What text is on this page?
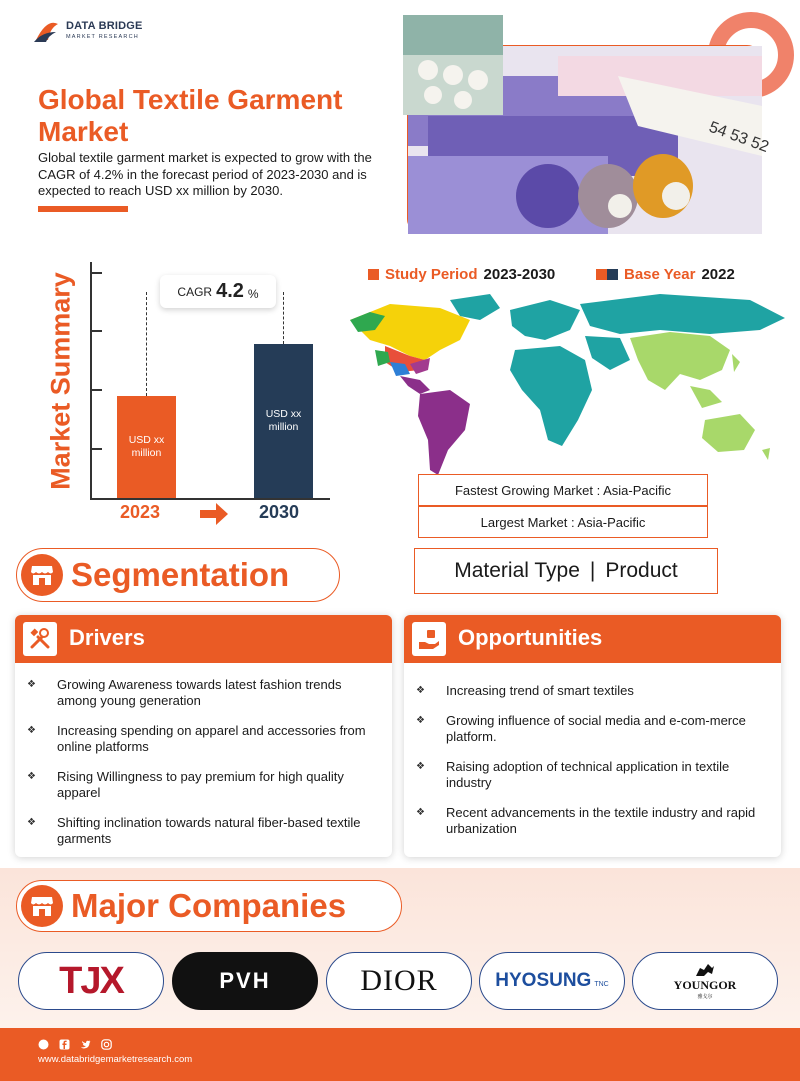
DATA BRIDGE
MARKET RESEARCH
Global Textile Garment Market
Global textile garment market is expected to grow with the CAGR of 4.2% in the forecast period of 2023-2030 and is expected to reach USD xx million by 2030.
54 53 52
Market Summary	USD xx million
USD xx million
CAGR 4.2 %
2023	2030
Study Period 2023-2030	Base Year 2022
Fastest Growing Market : Asia-Pacific
Largest Market : Asia-Pacific
Segmentation	Material Type | Product
Drivers
❖ Growing Awareness towards latest fashion trends among young generation
❖ Increasing spending on apparel and accessories from online platforms
❖ Rising Willingness to pay premium for high quality apparel
❖ Shifting inclination towards natural fiber-based textile garments
Opportunities
❖ Increasing trend of smart textiles
❖ Growing influence of social media and e-com-merce platform.
❖ Raising adoption of technical application in textile industry
❖ Recent advancements in the textile industry and rapid urbanization
Major Companies
TJX	PVH	DIOR	HYOSUNG TNC	YOUNGOR
雅戈尔
www.databridgemarketresearch.com
